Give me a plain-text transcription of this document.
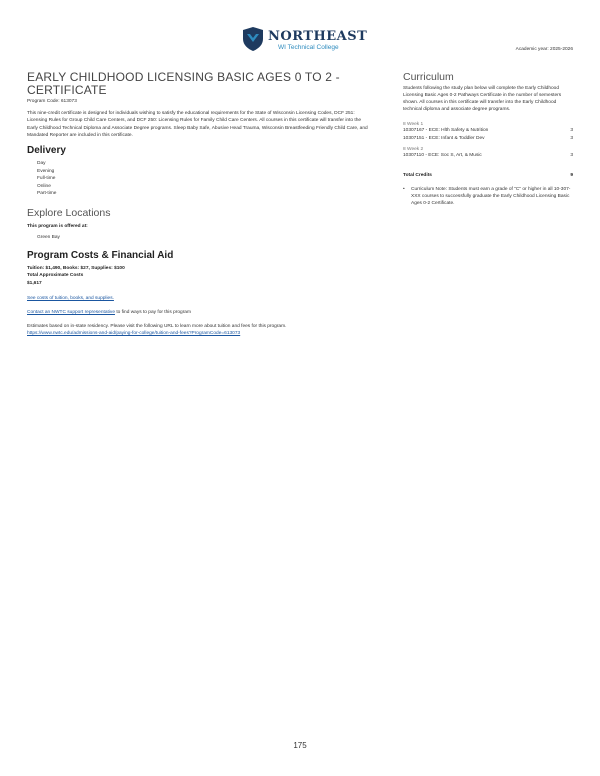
NORTHEAST
WI Technical College	Academic year: 2025-2026
EARLY CHILDHOOD LICENSING BASIC AGES 0 TO 2 - CERTIFICATE
Program Code: 613073
This nine-credit certificate is designed for individuals wishing to satisfy the educational requirements for the State of Wisconsin Licensing Codes, DCF 251: Licensing Rules for Group Child Care Centers, and DCF 250: Licensing Rules for Family Child Care Centers. All courses in this certificate will transfer into the Early Childhood Technical Diploma and Associate Degree programs. Sleep Baby Safe, Abusive Head Trauma, Wisconsin Breastfeeding Friendly Child Care, and Mandated Reporter are included in this certificate.
Delivery
Day
Evening
Full-time
Online
Part-time
Explore Locations
This program is offered at:
Green Bay
Program Costs & Financial Aid
Tuition: $1,490, Books: $27, Supplies: $100
Total Approximate Costs
$1,617
See costs of tuition, books, and supplies.
Contact an NWTC support representative to find ways to pay for this program
Estimates based on in-state residency. Please visit the following URL to learn more about tuition and fees for this program.
https://www.nwtc.edu/admissions-and-aid/paying-for-college/tuition-and-fees?ProgramCode=613073
Curriculum
Students following the study plan below will complete the Early Childhood Licensing Basic Ages 0-2 Pathways Certificate in the number of semesters shown. All courses in this certificate will transfer into the Early Childhood technical diploma and associate degree programs.
8 Week 1
10307167 - ECE: Hlth Safety & Nutrition	3
10307151 - ECE: Infant & Toddler Dev	3
8 Week 2
10307110 - ECE: Soc S, Art, & Music	3
Total Credits	9
• Curriculum Note: Students must earn a grade of "C" or higher in all 10-307-XXX courses to successfully graduate the Early Childhood Licensing Basic Ages 0-2 Certificate.
175
